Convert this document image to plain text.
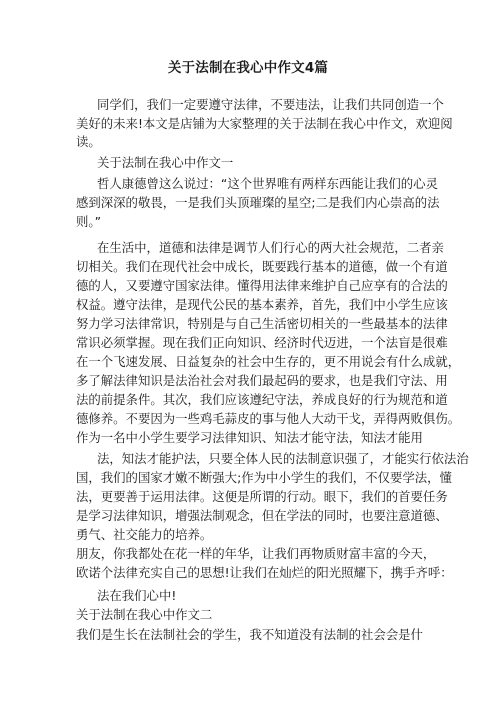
关于法制在我心中作文4篇
同学们，我们一定要遵守法律，不要违法，让我们共同创造一个
美好的未来!本文是店铺为大家整理的关于法制在我心中作文，欢迎阅
读。
关于法制在我心中作文一
哲人康德曾这么说过：“这个世界唯有两样东西能让我们的心灵
感到深深的敬畏，一是我们头顶璀璨的星空;二是我们内心崇高的法
则。”
在生活中，道德和法律是调节人们行心的两大社会规范，二者亲
切相关。我们在现代社会中成长，既要践行基本的道德，做一个有道
德的人，又要遵守国家法律。懂得用法律来维护自己应享有的合法的
权益。遵守法律，是现代公民的基本素养，首先，我们中小学生应该
努力学习法律常识，特别是与自己生活密切相关的一些最基本的法律
常识必须掌握。现在我们正向知识、经济时代迈进，一个法盲是很难
在一个飞速发展、日益复杂的社会中生存的，更不用说会有什么成就，
多了解法律知识是法治社会对我们最起码的要求，也是我们守法、用
法的前提条件。其次，我们应该遵纪守法，养成良好的行为规范和道
德修养。不要因为一些鸡毛蒜皮的事与他人大动干戈，弄得两败俱伤。
作为一名中小学生要学习法律知识、知法才能守法，知法才能用
法，知法才能护法，只要全体人民的法制意识强了，才能实行依法治
国，我们的国家才嫩不断强大;作为中小学生的我们，不仅要学法，懂
法，更要善于运用法律。这便是所谓的行动。眼下，我们的首要任务
是学习法律知识，增强法制观念，但在学法的同时，也要注意道德、
勇气、社交能力的培养。
朋友，你我都处在花一样的年华，让我们再物质财富丰富的今天，
欧诺个法律充实自己的思想!让我们在灿烂的阳光照耀下，携手齐呼：
法在我们心中!
关于法制在我心中作文二
我们是生长在法制社会的学生，我不知道没有法制的社会会是什
